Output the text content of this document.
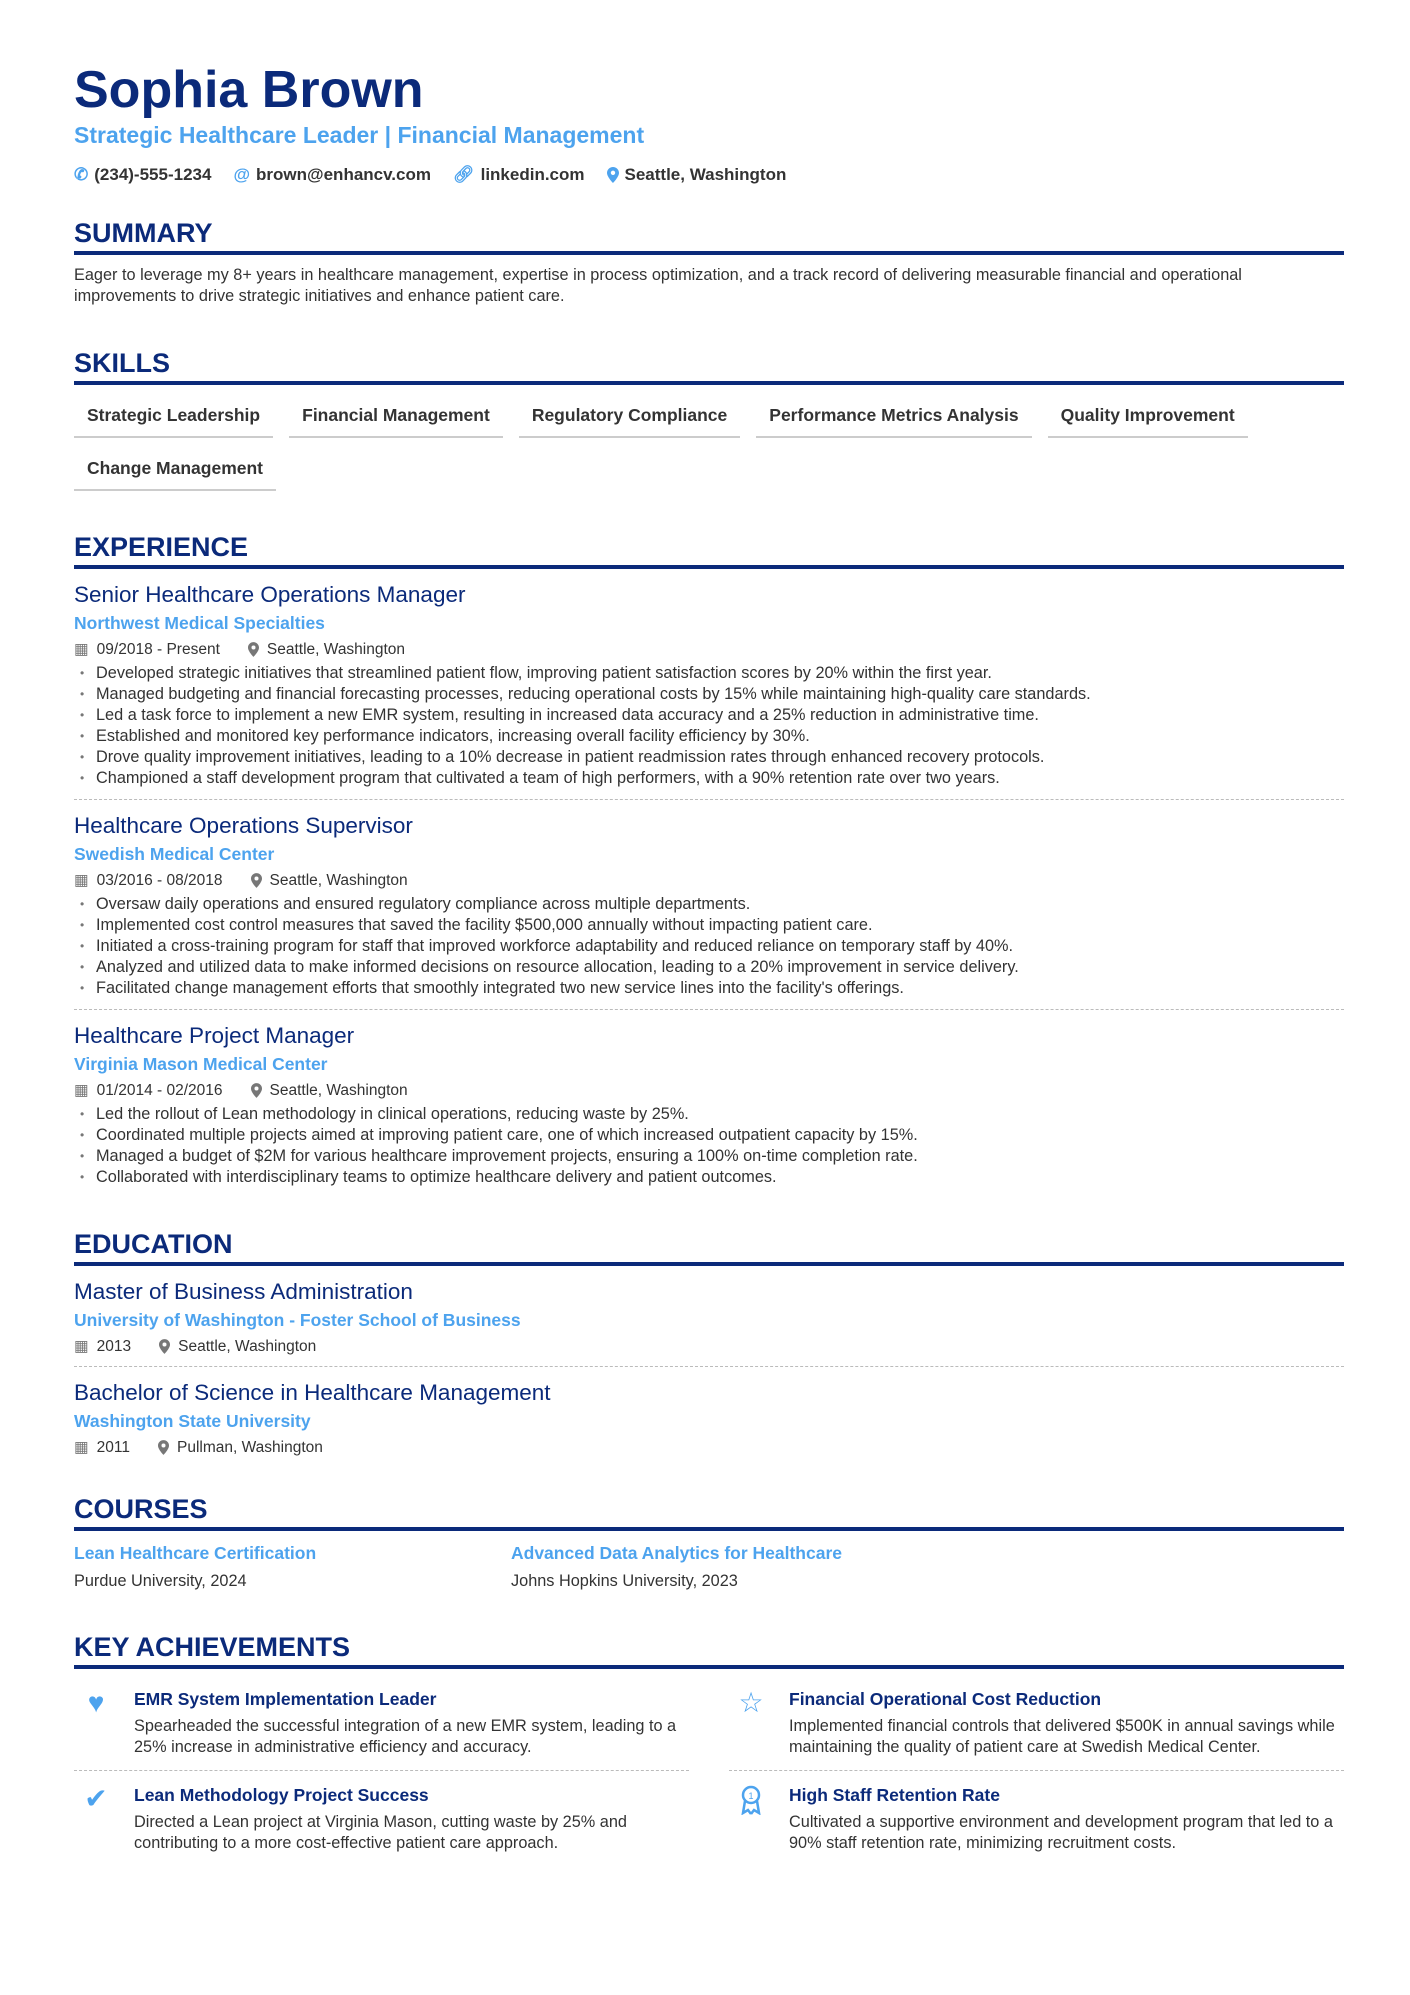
Sophia Brown
Strategic Healthcare Leader | Financial Management
✆ (234)-555-1234 @ brown@enhancv.com 🔗︎ linkedin.com Seattle, Washington
SUMMARY

Eager to leverage my 8+ years in healthcare management, expertise in process optimization, and a track record of delivering measurable financial and operational improvements to drive strategic initiatives and enhance patient care.

SKILLS
Strategic Leadership	Financial Management	Regulatory Compliance	Performance Metrics Analysis	Quality Improvement
Change Management
EXPERIENCE
Senior Healthcare Operations Manager
Northwest Medical Specialties
▦ 09/2018 - Present	Seattle, Washington
• Developed strategic initiatives that streamlined patient flow, improving patient satisfaction scores by 20% within the first year.
• Managed budgeting and financial forecasting processes, reducing operational costs by 15% while maintaining high-quality care standards.
• Led a task force to implement a new EMR system, resulting in increased data accuracy and a 25% reduction in administrative time.
• Established and monitored key performance indicators, increasing overall facility efficiency by 30%.
• Drove quality improvement initiatives, leading to a 10% decrease in patient readmission rates through enhanced recovery protocols.
• Championed a staff development program that cultivated a team of high performers, with a 90% retention rate over two years.
Healthcare Operations Supervisor
Swedish Medical Center
▦ 03/2016 - 08/2018	Seattle, Washington
• Oversaw daily operations and ensured regulatory compliance across multiple departments.
• Implemented cost control measures that saved the facility $500,000 annually without impacting patient care.
• Initiated a cross-training program for staff that improved workforce adaptability and reduced reliance on temporary staff by 40%.
• Analyzed and utilized data to make informed decisions on resource allocation, leading to a 20% improvement in service delivery.
• Facilitated change management efforts that smoothly integrated two new service lines into the facility's offerings.
Healthcare Project Manager
Virginia Mason Medical Center
▦ 01/2014 - 02/2016	Seattle, Washington
• Led the rollout of Lean methodology in clinical operations, reducing waste by 25%.
• Coordinated multiple projects aimed at improving patient care, one of which increased outpatient capacity by 15%.
• Managed a budget of $2M for various healthcare improvement projects, ensuring a 100% on-time completion rate.
• Collaborated with interdisciplinary teams to optimize healthcare delivery and patient outcomes.
EDUCATION
Master of Business Administration
University of Washington - Foster School of Business
▦ 2013	Seattle, Washington
Bachelor of Science in Healthcare Management
Washington State University
▦ 2011	Pullman, Washington
COURSES
Lean Healthcare Certification
Purdue University, 2024
Advanced Data Analytics for Healthcare
Johns Hopkins University, 2023
KEY ACHIEVEMENTS
♥	EMR System Implementation Leader
Spearheaded the successful integration of a new EMR system, leading to a 25% increase in administrative efficiency and accuracy.
☆	Financial Operational Cost Reduction
Implemented financial controls that delivered $500K in annual savings while maintaining the quality of patient care at Swedish Medical Center.
✔	Lean Methodology Project Success
Directed a Lean project at Virginia Mason, cutting waste by 25% and contributing to a more cost-effective patient care approach.
1 High Staff Retention Rate
Cultivated a supportive environment and development program that led to a 90% staff retention rate, minimizing recruitment costs.
